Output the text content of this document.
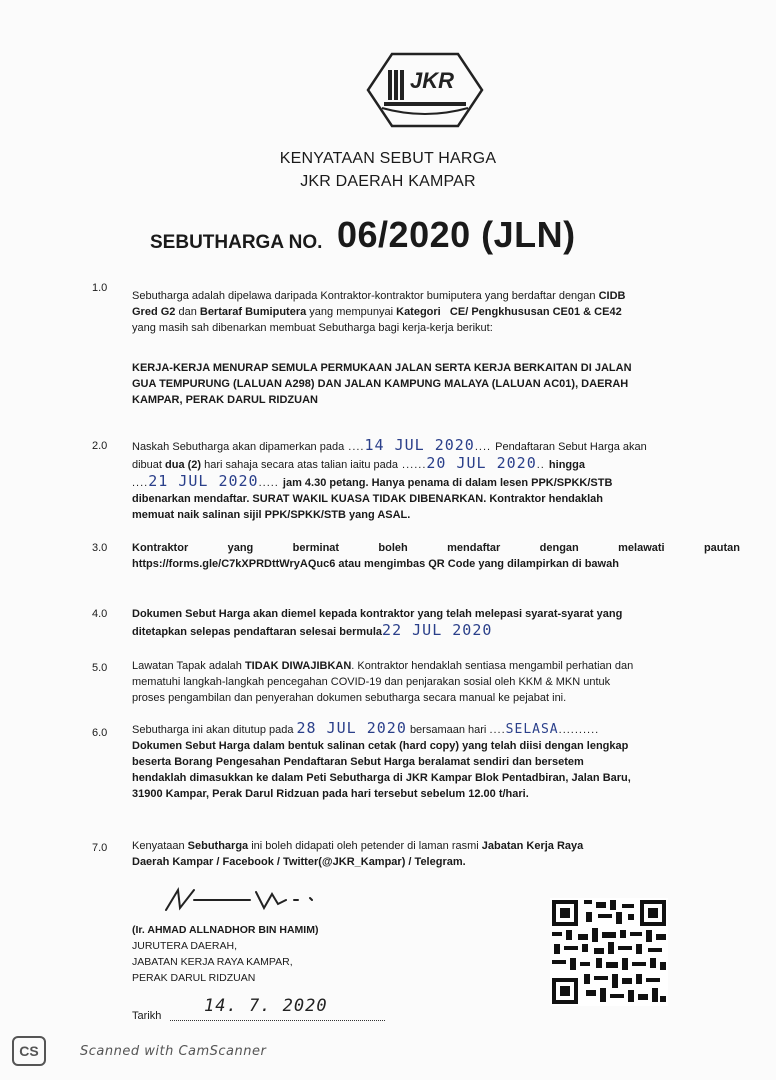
JKR
KENYATAAN SEBUT HARGA
JKR DAERAH KAMPAR
SEBUTHARGA NO. 06/2020 (JLN)
1.0
Sebutharga adalah dipelawa daripada Kontraktor-kontraktor bumiputera yang berdaftar dengan CIDB
Gred G2 dan Bertaraf Bumiputera yang mempunyai Kategori CE/ Pengkhususan CE01 & CE42
yang masih sah dibenarkan membuat Sebutharga bagi kerja-kerja berikut:
KERJA-KERJA MENURAP SEMULA PERMUKAAN JALAN SERTA KERJA BERKAITAN DI JALAN
GUA TEMPURUNG (LALUAN A298) DAN JALAN KAMPUNG MALAYA (LALUAN AC01), DAERAH
KAMPAR, PERAK DARUL RIDZUAN
2.0 Naskah Sebutharga akan dipamerkan pada ....14 JUL 2020.... Pendaftaran Sebut Harga akan
dibuat dua (2) hari sahaja secara atas talian iaitu pada ......20 JUL 2020.. hingga
....21 JUL 2020..... jam 4.30 petang. Hanya penama di dalam lesen PPK/SPKK/STB
dibenarkan mendaftar. SURAT WAKIL KUASA TIDAK DIBENARKAN. Kontraktor hendaklah
memuat naik salinan sijil PPK/SPKK/STB yang ASAL.
3.0 Kontraktor yang berminat boleh mendaftar dengan melawati pautan
https://forms.gle/C7kXPRDttWryAQuc6 atau mengimbas QR Code yang dilampirkan di bawah
4.0 Dokumen Sebut Harga akan diemel kepada kontraktor yang telah melepasi syarat-syarat yang
ditetapkan selepas pendaftaran selesai bermula22 JUL 2020
5.0 Lawatan Tapak adalah TIDAK DIWAJIBKAN. Kontraktor hendaklah sentiasa mengambil perhatian dan
mematuhi langkah-langkah pencegahan COVID-19 dan penjarakan sosial oleh KKM & MKN untuk
proses pengambilan dan penyerahan dokumen sebutharga secara manual ke pejabat ini.
6.0 Sebutharga ini akan ditutup pada 28 JUL 2020 bersamaan hari ....SELASA..........
Dokumen Sebut Harga dalam bentuk salinan cetak (hard copy) yang telah diisi dengan lengkap
beserta Borang Pengesahan Pendaftaran Sebut Harga beralamat sendiri dan bersetem
hendaklah dimasukkan ke dalam Peti Sebutharga di JKR Kampar Blok Pentadbiran, Jalan Baru,
31900 Kampar, Perak Darul Ridzuan pada hari tersebut sebelum 12.00 t/hari.
7.0 Kenyataan Sebutharga ini boleh didapati oleh petender di laman rasmi Jabatan Kerja Raya
Daerah Kampar / Facebook / Twitter(@JKR_Kampar) / Telegram.
(Ir. AHMAD ALLNADHOR BIN HAMIM)
JURUTERA DAERAH,
JABATAN KERJA RAYA KAMPAR,
PERAK DARUL RIDZUAN
Tarikh	14. 7. 2020
CS	Scanned with CamScanner
